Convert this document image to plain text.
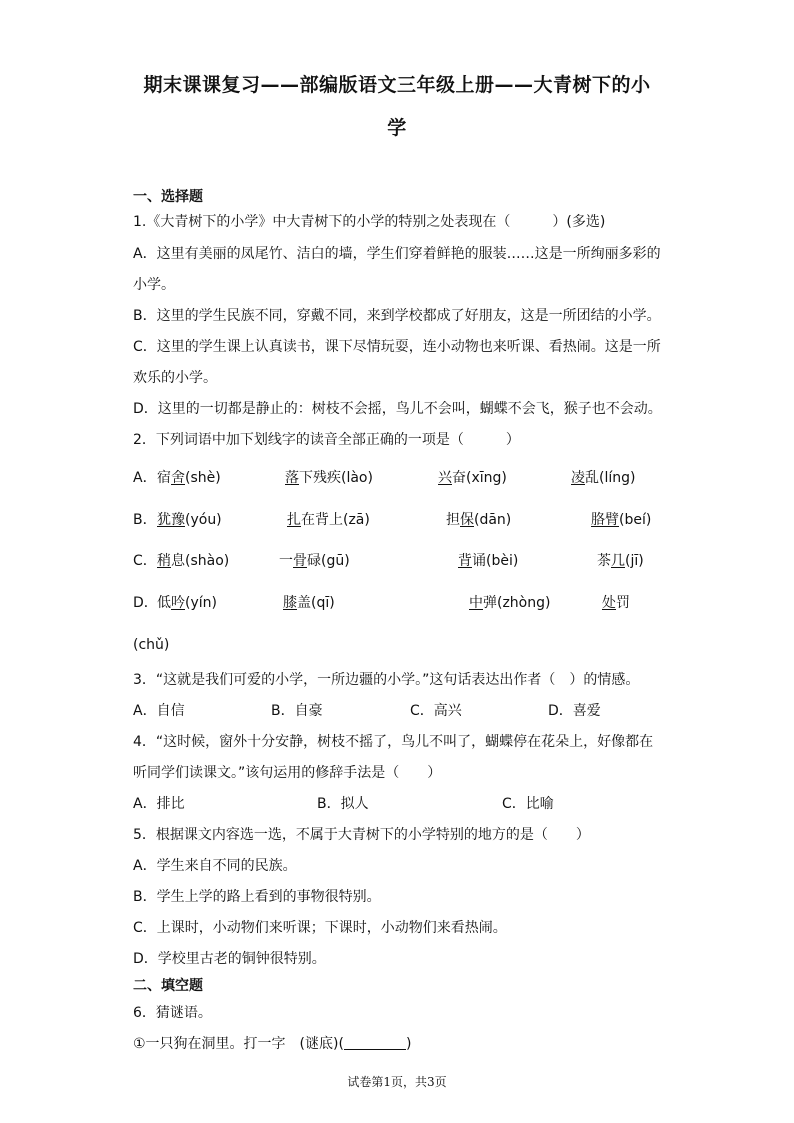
期末课课复习——部编版语文三年级上册——大青树下的小
学
一、选择题
1.《大青树下的小学》中大青树下的小学的特别之处表现在（　　　）(多选)
A．这里有美丽的凤尾竹、洁白的墙，学生们穿着鲜艳的服装……这是一所绚丽多彩的
小学。
B．这里的学生民族不同，穿戴不同，来到学校都成了好朋友，这是一所团结的小学。
C．这里的学生课上认真读书，课下尽情玩耍，连小动物也来听课、看热闹。这是一所
欢乐的小学。
D．这里的一切都是静止的：树枝不会摇，鸟儿不会叫，蝴蝶不会飞，猴子也不会动。
2．下列词语中加下划线字的读音全部正确的一项是（　　　）
A． 宿舍(shè)	落下残疾(lào)	兴奋(xīng)	凌乱(líng)
B． 犹豫(yóu)	扎在背上(zā)	担保(dān)	胳臂(beí)
C． 稍息(shào)	一骨碌(gū)	背诵(bèi)	茶几(jī)
D． 低吟(yín)	膝盖(qī)	中弹(zhòng)	处罚
(chǔ)
3．“这就是我们可爱的小学，一所边疆的小学。”这句话表达出作者（　）的情感。
A．自信	B．自豪	C．高兴	D．喜爱
4．“这时候，窗外十分安静，树枝不摇了，鸟儿不叫了，蝴蝶停在花朵上，好像都在
听同学们读课文。”该句运用的修辞手法是（　　）
A．排比	B．拟人	C．比喻
5．根据课文内容选一选，不属于大青树下的小学特别的地方的是（　　）
A．学生来自不同的民族。
B．学生上学的路上看到的事物很特别。
C．上课时，小动物们来听课；下课时，小动物们来看热闹。
D．学校里古老的铜钟很特别。
二、填空题
6．猜谜语。
①一只狗在洞里。打一字　(谜底)(	)
试卷第1页，共3页
